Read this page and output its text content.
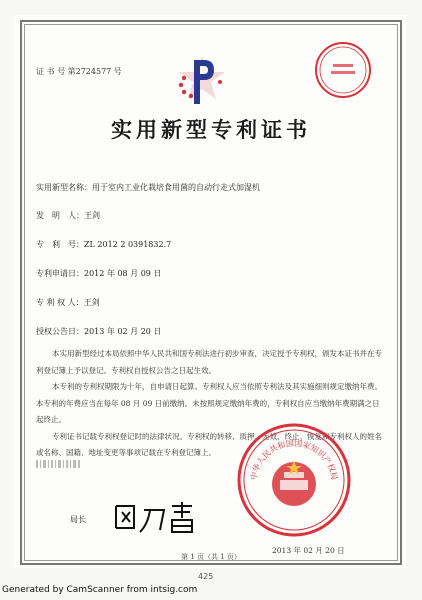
证 书 号 第2724577 号
实用新型专利证书
实用新型名称：用于室内工业化栽培食用菌的自动行走式加湿机
发　明　人：王剑
专　利　号：ZL 2012 2 0391832.7
专利申请日：2012 年 08 月 09 日
专 利 权 人：王剑
授权公告日：2013 年 02 月 20 日

本实用新型经过本局依照中华人民共和国专利法进行初步审查，决定授予专利权，颁发本证书并在专利登记簿上予以登记。专利权自授权公告之日起生效。

本专利的专利权期限为十年，自申请日起算。专利权人应当依照专利法及其实施细则规定缴纳年费。本专利的年费应当在每年 08 月 09 日前缴纳。未按照规定缴纳年费的，专利权自应当缴纳年费期满之日起终止。

专利证书记载专利权登记时的法律状况。专利权的转移、质押、无效、终止、恢复和专利权人的姓名或名称、国籍、地址变更等事项记载在专利登记簿上。

局长
中华人民共和国国家知识产权局
2013 年 02 月 20 日
第 1 页（共 1 页）
425
Generated by CamScanner from intsig.com
